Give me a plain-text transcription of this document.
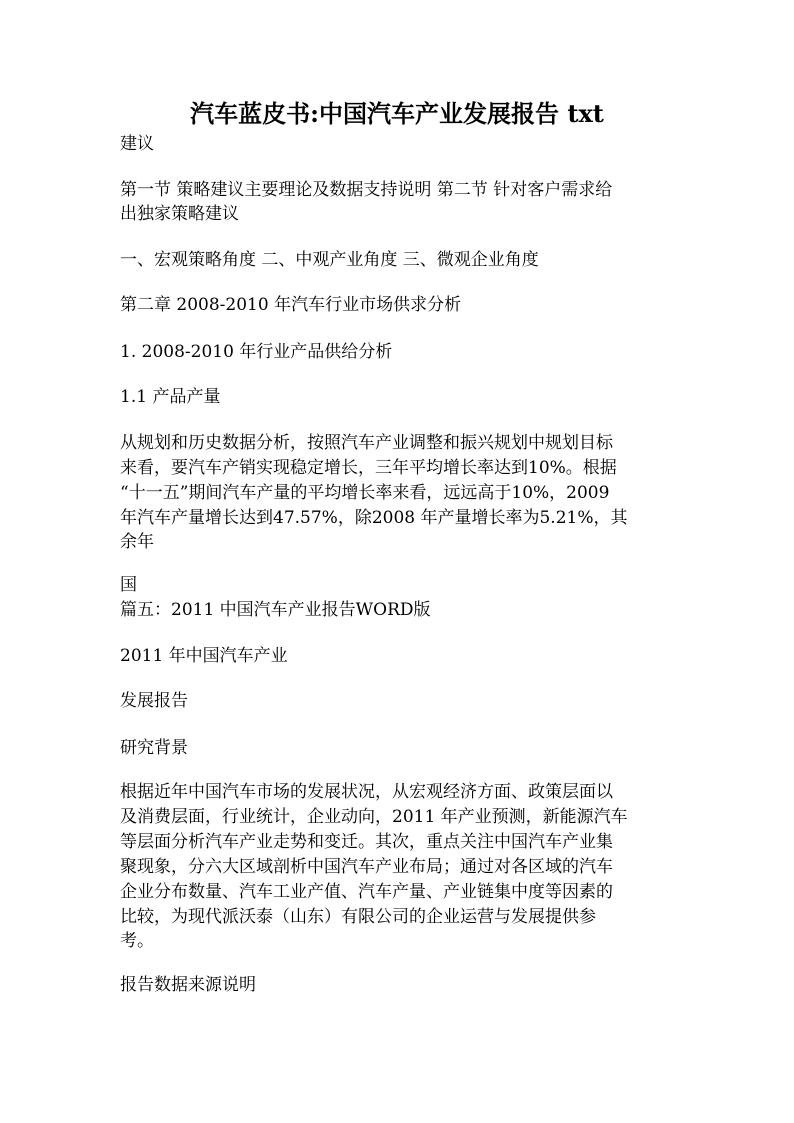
汽车蓝皮书:中国汽车产业发展报告 txt
建议
第一节 策略建议主要理论及数据支持说明 第二节 针对客户需求给
出独家策略建议
一、宏观策略角度 二、中观产业角度 三、微观企业角度
第二章 2008-2010 年汽车行业市场供求分析
1. 2008-2010 年行业产品供给分析
1.1 产品产量
从规划和历史数据分析，按照汽车产业调整和振兴规划中规划目标
来看，要汽车产销实现稳定增长，三年平均增长率达到10%。根据
“十一五”期间汽车产量的平均增长率来看，远远高于10%，2009
年汽车产量增长达到47.57%，除2008 年产量增长率为5.21%，其
余年
国
篇五：2011 中国汽车产业报告WORD版
2011 年中国汽车产业
发展报告
研究背景
根据近年中国汽车市场的发展状况，从宏观经济方面、政策层面以
及消费层面，行业统计，企业动向，2011 年产业预测，新能源汽车
等层面分析汽车产业走势和变迁。其次，重点关注中国汽车产业集
聚现象，分六大区域剖析中国汽车产业布局；通过对各区域的汽车
企业分布数量、汽车工业产值、汽车产量、产业链集中度等因素的
比较，为现代派沃泰（山东）有限公司的企业运营与发展提供参
考。
报告数据来源说明
